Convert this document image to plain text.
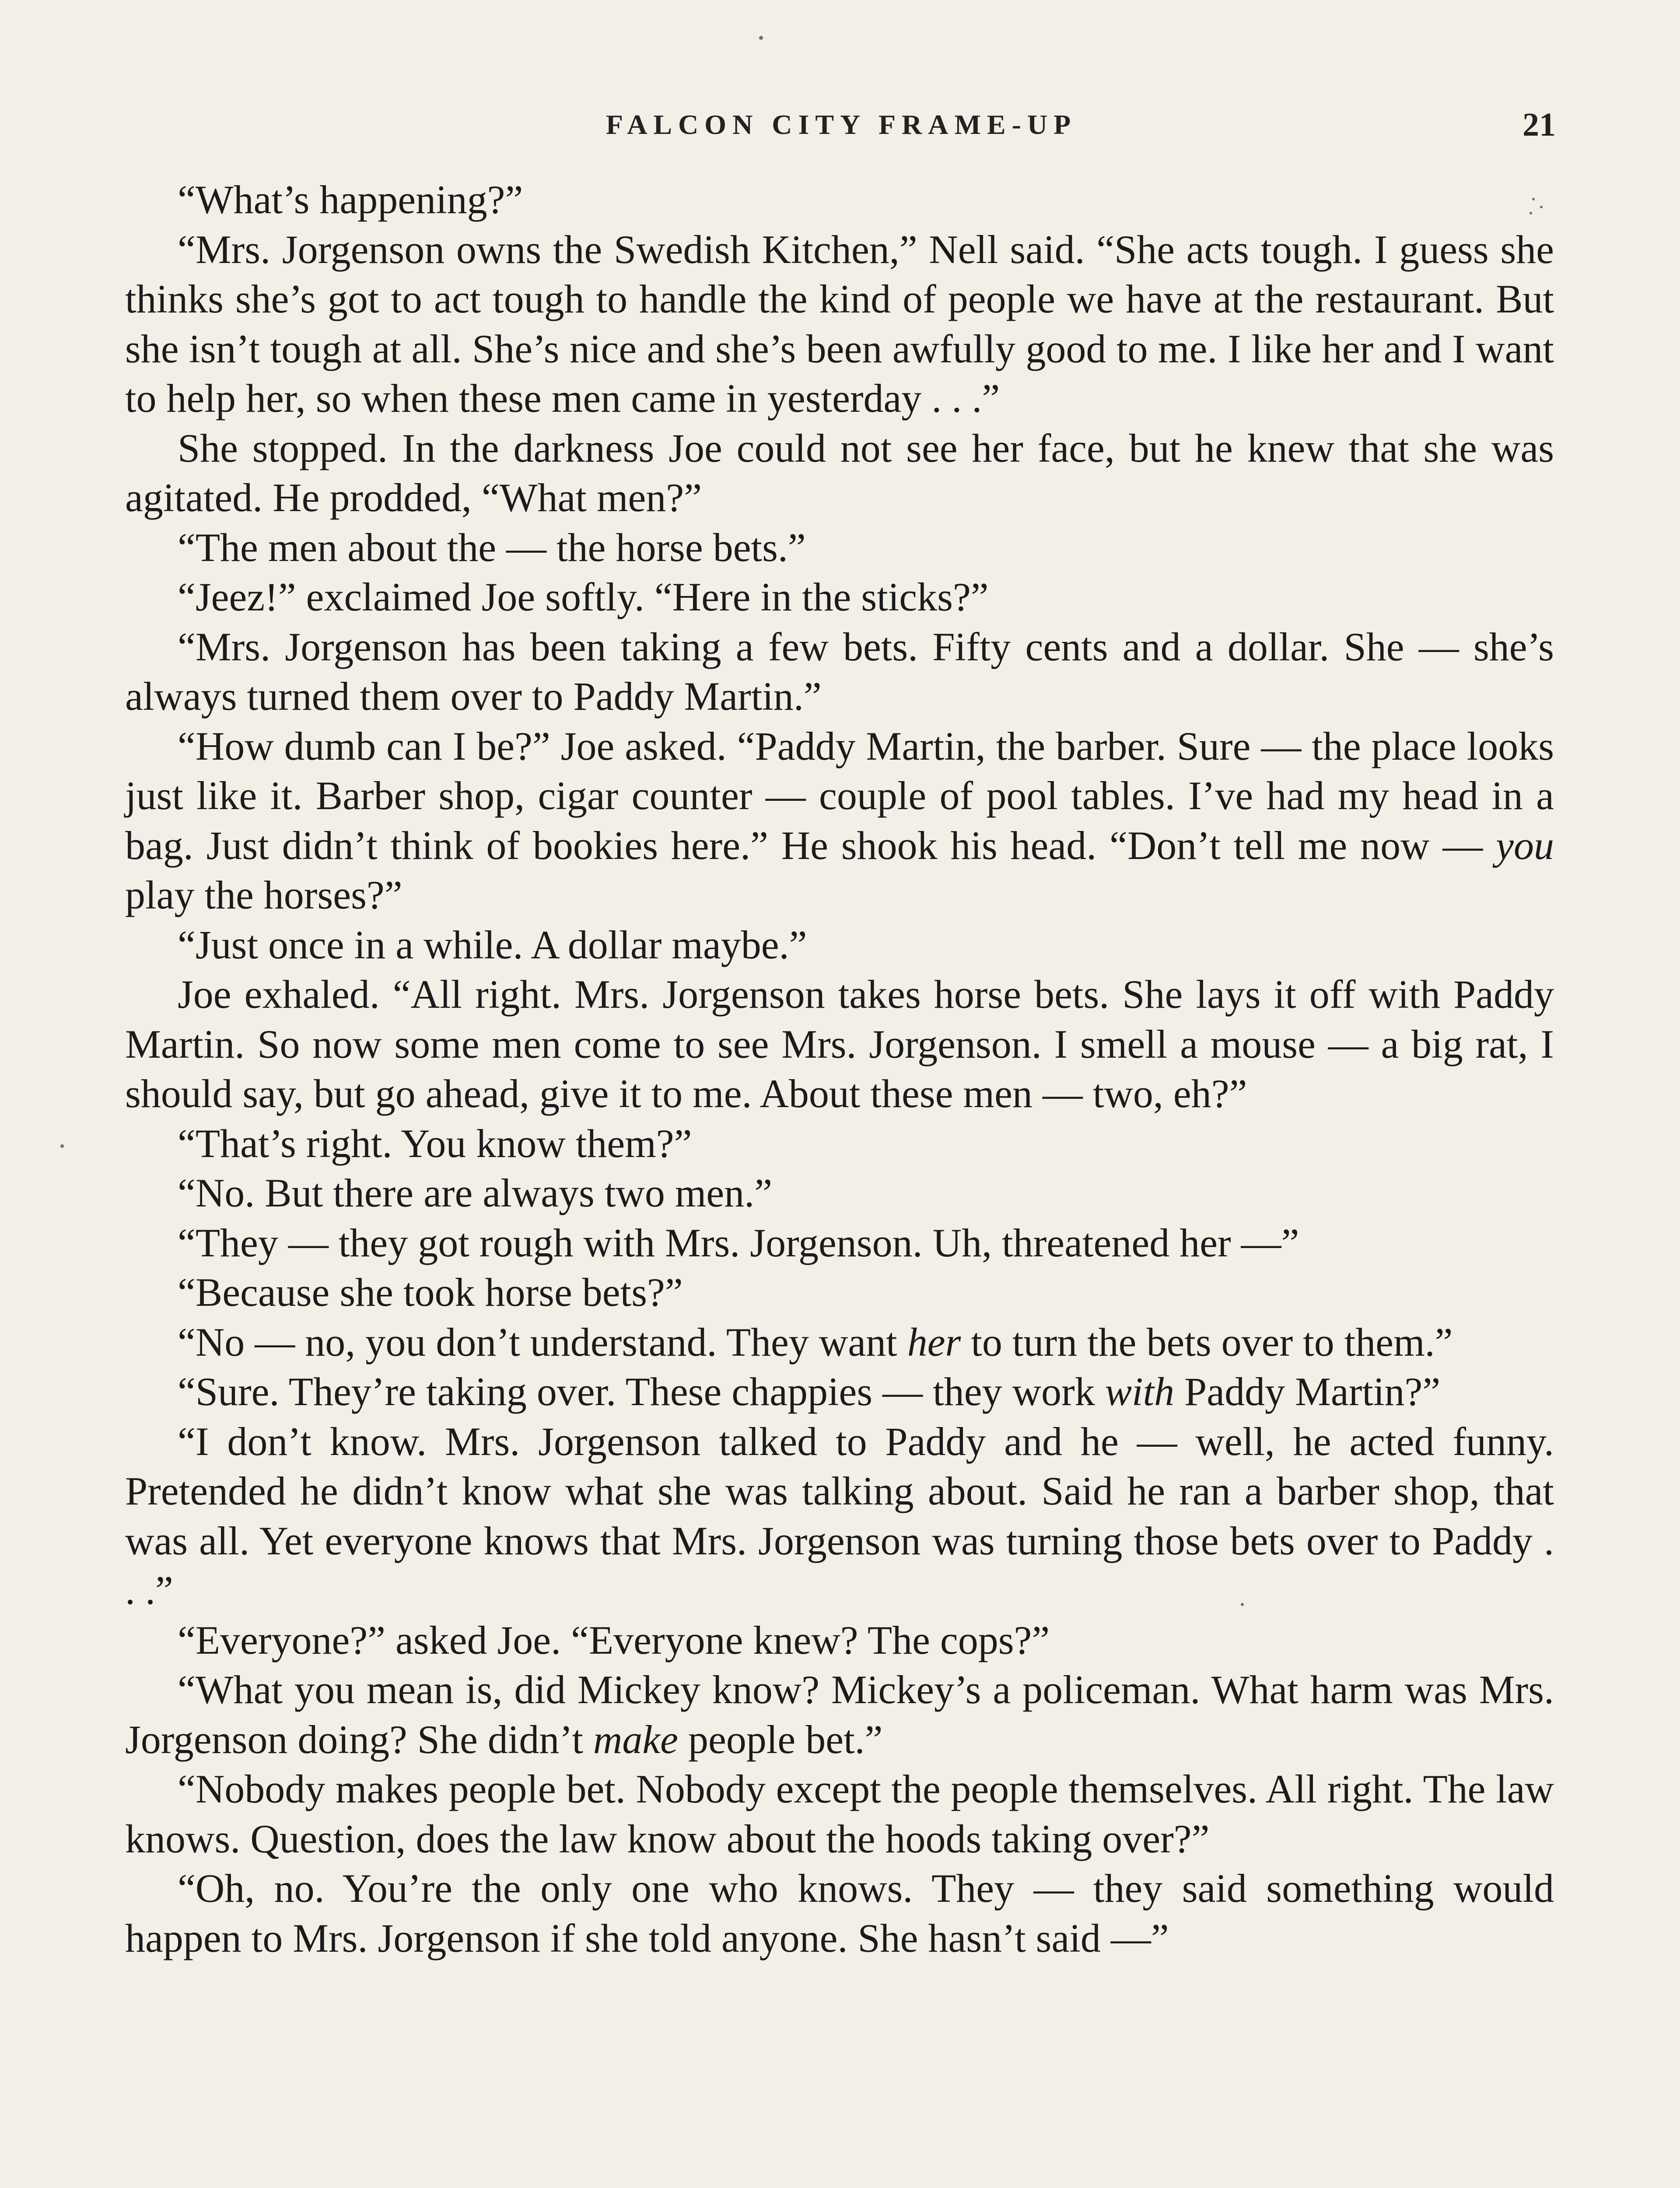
FALCON CITY FRAME-UP	21

“What’s happening?”

“Mrs. Jorgenson owns the Swedish Kitchen,” Nell said. “She acts tough. I guess she thinks she’s got to act tough to handle the kind of people we have at the restaurant. But she isn’t tough at all. She’s nice and she’s been awfully good to me. I like her and I want to help her, so when these men came in yesterday . . .”

She stopped. In the darkness Joe could not see her face, but he knew that she was agitated. He prodded, “What men?”

“The men about the — the horse bets.”

“Jeez!” exclaimed Joe softly. “Here in the sticks?”

“Mrs. Jorgenson has been taking a few bets. Fifty cents and a dollar. She — she’s always turned them over to Paddy Martin.”

“How dumb can I be?” Joe asked. “Paddy Martin, the barber. Sure — the place looks just like it. Barber shop, cigar counter — couple of pool tables. I’ve had my head in a bag. Just didn’t think of bookies here.” He shook his head. “Don’t tell me now — you play the horses?”

“Just once in a while. A dollar maybe.”

Joe exhaled. “All right. Mrs. Jorgenson takes horse bets. She lays it off with Paddy Martin. So now some men come to see Mrs. Jorgenson. I smell a mouse — a big rat, I should say, but go ahead, give it to me. About these men — two, eh?”

“That’s right. You know them?”

“No. But there are always two men.”

“They — they got rough with Mrs. Jorgenson. Uh, threatened her —”

“Because she took horse bets?”

“No — no, you don’t understand. They want her to turn the bets over to them.”

“Sure. They’re taking over. These chappies — they work with Paddy Martin?”

“I don’t know. Mrs. Jorgenson talked to Paddy and he — well, he acted funny. Pretended he didn’t know what she was talking about. Said he ran a barber shop, that was all. Yet everyone knows that Mrs. Jorgenson was turning those bets over to Paddy . . .”

“Everyone?” asked Joe. “Everyone knew? The cops?”

“What you mean is, did Mickey know? Mickey’s a policeman. What harm was Mrs. Jorgenson doing? She didn’t make people bet.”

“Nobody makes people bet. Nobody except the people themselves. All right. The law knows. Question, does the law know about the hoods taking over?”

“Oh, no. You’re the only one who knows. They — they said something would happen to Mrs. Jorgenson if she told anyone. She hasn’t said —”
